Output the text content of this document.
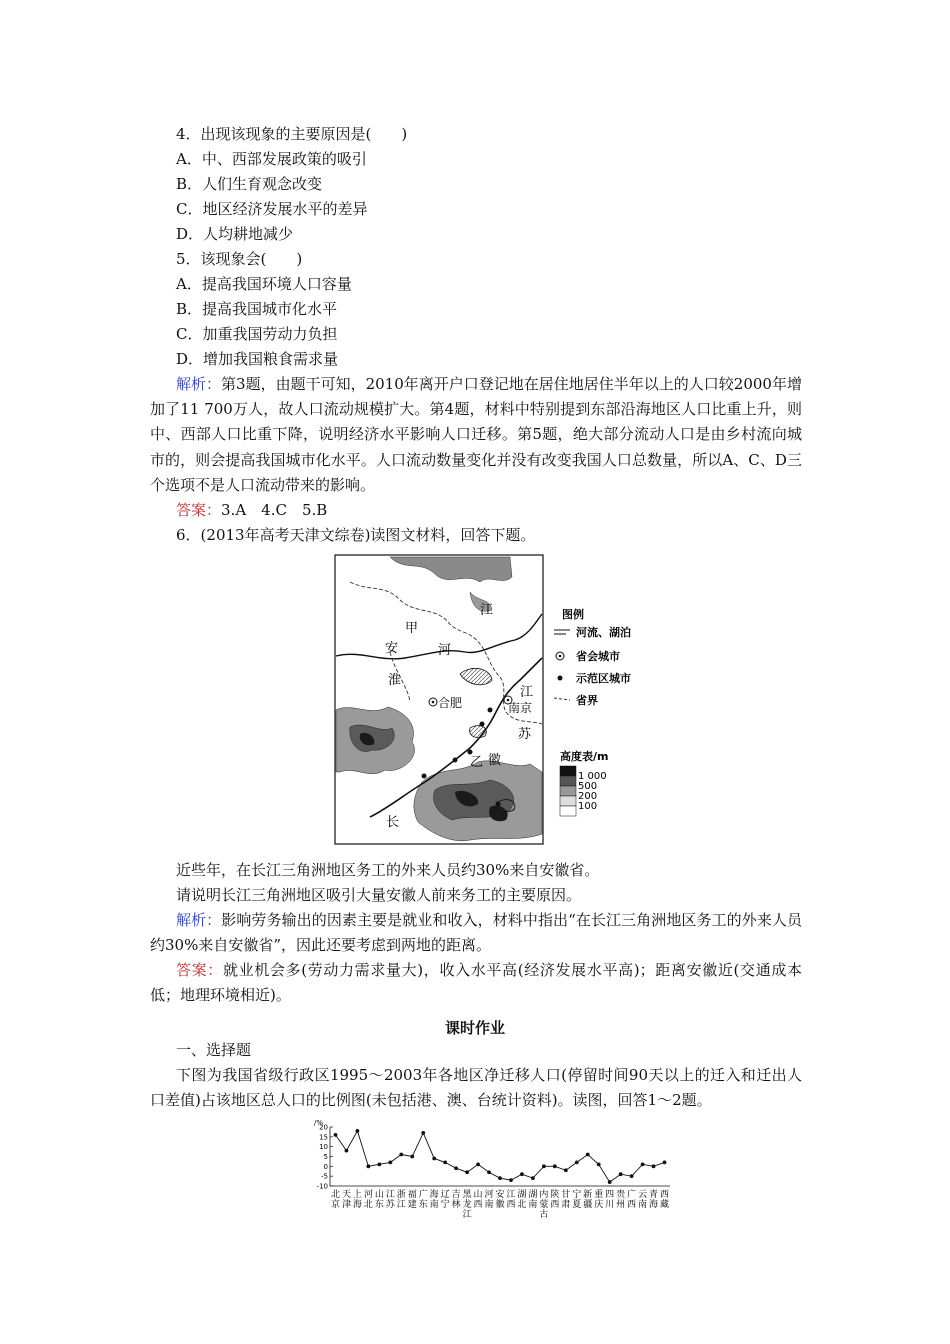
4．出现该现象的主要原因是(　　)
A．中、西部发展政策的吸引
B．人们生育观念改变
C．地区经济发展水平的差异
D．人均耕地减少
5．该现象会(　　)
A．提高我国环境人口容量
B．提高我国城市化水平
C．加重我国劳动力负担
D．增加我国粮食需求量
解析：第3题，由题干可知，2010年离开户口登记地在居住地居住半年以上的人口较2000年增加了11 700万人，故人口流动规模扩大。第4题，材料中特别提到东部沿海地区人口比重上升，则中、西部人口比重下降，说明经济水平影响人口迁移。第5题，绝大部分流动人口是由乡村流向城市的，则会提高我国城市化水平。人口流动数量变化并没有改变我国人口总数量，所以A、C、D三个选项不是人口流动带来的影响。
答案：3.A　4.C　5.B
6．(2013年高考天津文综卷)读图文材料，回答下题。
甲
安	河
淮
江
江
合肥	南京
苏
徽
乙
长
图例
河流、湖泊
省会城市
示范区城市
省界
高度表/m
1 000
500
200
100
近些年，在长江三角洲地区务工的外来人员约30%来自安徽省。
请说明长江三角洲地区吸引大量安徽人前来务工的主要原因。
解析：影响劳务输出的因素主要是就业和收入，材料中指出“在长江三角洲地区务工的外来人员约30%来自安徽省”，因此还要考虑到两地的距离。
答案：就业机会多(劳动力需求量大)，收入水平高(经济发展水平高)；距离安徽近(交通成本低；地理环境相近)。
课时作业
一、选择题
下图为我国省级行政区1995～2003年各地区净迁移人口(停留时间90天以上的迁入和迁出人口差值)占该地区总人口的比例图(未包括港、澳、台统计资料)。读图，回答1～2题。
/%
20
15
10
5
0
-5
-10
北
京
天
津
上
海
河
北
山
东
江
苏
浙
江
福
建
广
东
海
南
辽
宁
吉
林
黑
龙
江
山
西
河
南
安
徽
江
西
湖
北
湖
南
内
蒙
古
陕
西
甘
肃
宁
夏
新
疆
重
庆
四
川
贵
州
广
西
云
南
青
海
西
藏
